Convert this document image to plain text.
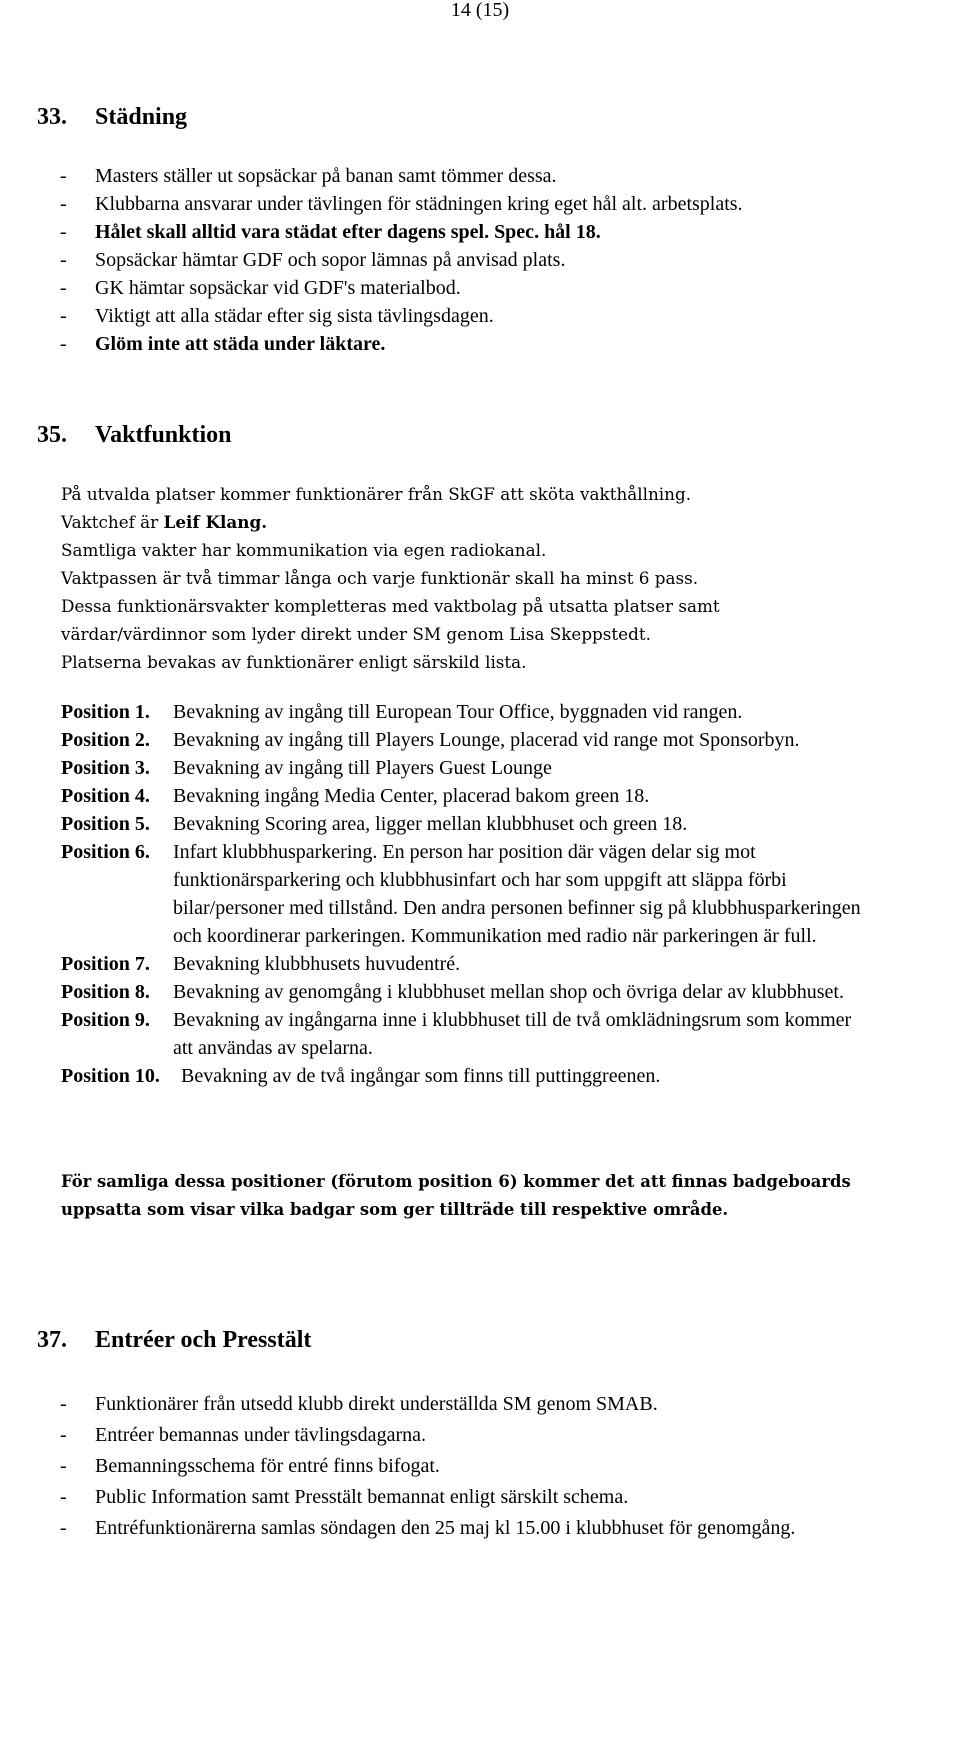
14 (15)
33. Städning
- Masters ställer ut sopsäckar på banan samt tömmer dessa.
- Klubbarna ansvarar under tävlingen för städningen kring eget hål alt. arbetsplats.
- Hålet skall alltid vara städat efter dagens spel. Spec. hål 18.
- Sopsäckar hämtar GDF och sopor lämnas på anvisad plats.
- GK hämtar sopsäckar vid GDF's materialbod.
- Viktigt att alla städar efter sig sista tävlingsdagen.
- Glöm inte att städa under läktare.
35. Vaktfunktion

På utvalda platser kommer funktionärer från SkGF att sköta vakthållning.

Vaktchef är Leif Klang.

Samtliga vakter har kommunikation via egen radiokanal.

Vaktpassen är två timmar långa och varje funktionär skall ha minst 6 pass.

Dessa funktionärsvakter kompletteras med vaktbolag på utsatta platser samt

värdar/värdinnor som lyder direkt under SM genom Lisa Skeppstedt.

Platserna bevakas av funktionärer enligt särskild lista.

Position 1.	Bevakning av ingång till European Tour Office, byggnaden vid rangen.
Position 2.	Bevakning av ingång till Players Lounge, placerad vid range mot Sponsorbyn.
Position 3.	Bevakning av ingång till Players Guest Lounge
Position 4.	Bevakning ingång Media Center, placerad bakom green 18.
Position 5.	Bevakning Scoring area, ligger mellan klubbhuset och green 18.
Position 6.	Infart klubbhusparkering. En person har position där vägen delar sig mot funktionärsparkering och klubbhusinfart och har som uppgift att släppa förbi bilar/personer med tillstånd. Den andra personen befinner sig på klubbhusparkeringen och koordinerar parkeringen. Kommunikation med radio när parkeringen är full.
Position 7.	Bevakning klubbhusets huvudentré.
Position 8.	Bevakning av genomgång i klubbhuset mellan shop och övriga delar av klubbhuset.
Position 9.	Bevakning av ingångarna inne i klubbhuset till de två omklädningsrum som kommer att användas av spelarna.
Position 10.	Bevakning av de två ingångar som finns till puttinggreenen.

För samliga dessa positioner (förutom position 6) kommer det att finnas badgeboards uppsatta som visar vilka badgar som ger tillträde till respektive område.

37. Entréer och Presstält
-	Funktionärer från utsedd klubb direkt underställda SM genom SMAB.
-	Entréer bemannas under tävlingsdagarna.
-	Bemanningsschema för entré finns bifogat.
-	Public Information samt Presstält bemannat enligt särskilt schema.
-	Entréfunktionärerna samlas söndagen den 25 maj kl 15.00 i klubbhuset för genomgång.
